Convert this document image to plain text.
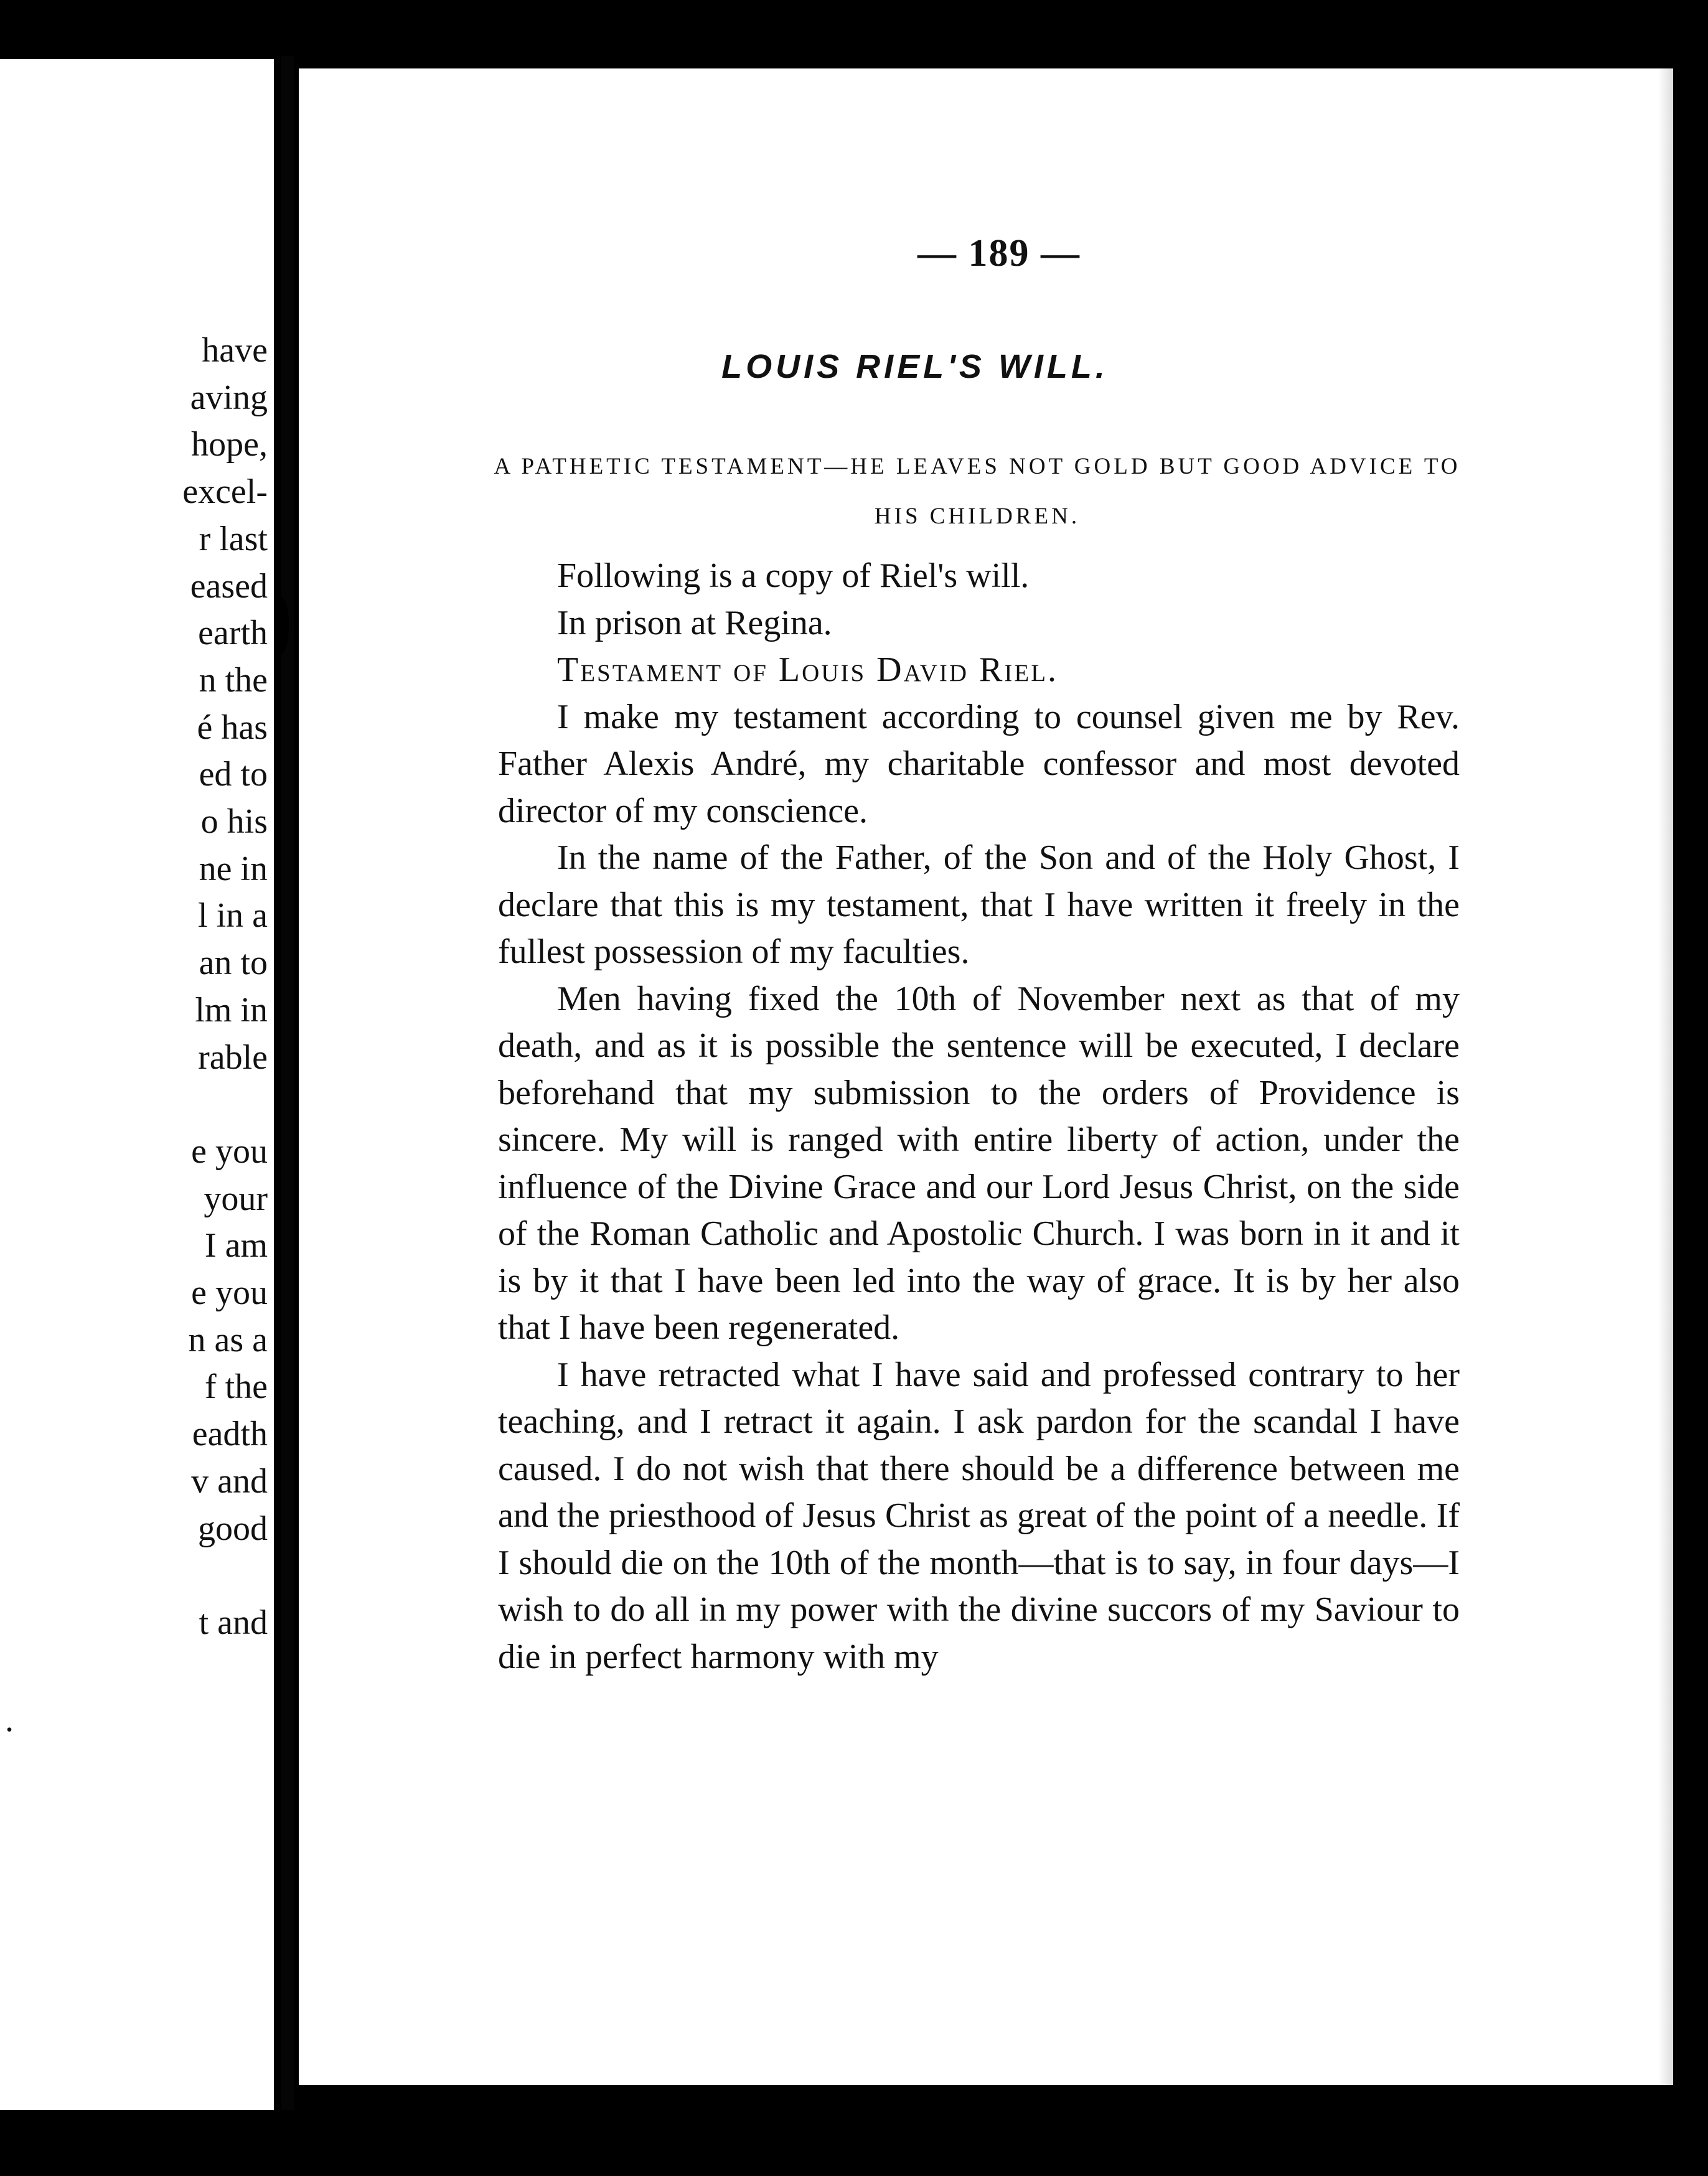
have
aving
hope,
excel-
r last
eased
earth
n the
é has
ed to
o his
ne in
l in a
an to
lm in
rable
e you
your
I am
e you
n as a
f the
eadth
v and
good
t and
.
— 189 —
LOUIS RIEL'S WILL.
A PATHETIC TESTAMENT—HE LEAVES NOT GOLD BUT GOOD ADVICE TO HIS CHILDREN.

Following is a copy of Riel's will.

In prison at Regina.

Testament of Louis David Riel.

I make my testament according to counsel given me by Rev. Father Alexis André, my charitable confessor and most devoted director of my conscience.

In the name of the Father, of the Son and of the Holy Ghost, I declare that this is my testament, that I have written it freely in the fullest possession of my faculties.

Men having fixed the 10th of November next as that of my death, and as it is possible the sentence will be executed, I declare beforehand that my submission to the orders of Providence is sincere. My will is ranged with entire liberty of action, under the influence of the Divine Grace and our Lord Jesus Christ, on the side of the Roman Catholic and Apostolic Church. I was born in it and it is by it that I have been led into the way of grace. It is by her also that I have been regenerated.

I have retracted what I have said and professed contrary to her teaching, and I retract it again. I ask pardon for the scandal I have caused. I do not wish that there should be a difference between me and the priesthood of Jesus Christ as great of the point of a needle. If I should die on the 10th of the month—that is to say, in four days—I wish to do all in my power with the divine succors of my Saviour to die in perfect harmony with my
